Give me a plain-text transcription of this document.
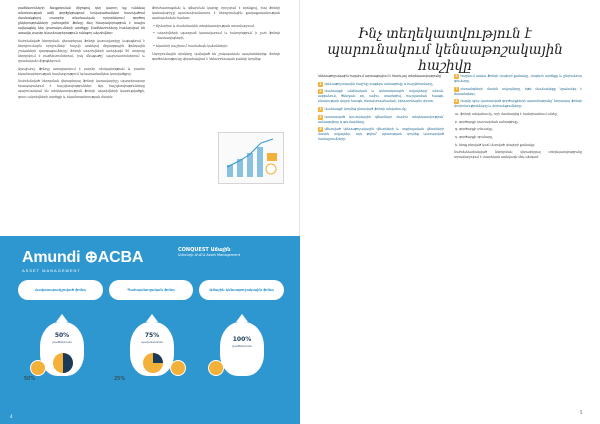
բաժնետոմսերի ձեռքբերման միջոցով դեր կարող եք ունենալ տնտեսության աճի գործընթացում։ Երկարաժամկետ հատվածում մասնակցելով տարբեր տնտեսական ոլորտներում գործող ընկերությունների շահույթին՝ ֆոնդը ձեզ հնարավորություն է տալիս ավելացնել ձեր կուտակումների արժեքը։ Բաժնետոմսերը համարվում են առավել բարձր եկամտաբերություն ունեցող ակտիվներ։

Սահմանված ներդրման վերաբերյալ ֆոնդի կառավարիչը կայացնում է ներդրումային որոշումներ՝ հաշվի առնելով միջազգային ֆոնդային շուկաների զարգացումները։ Ֆոնդի ակտիվների առնվազն 50 տոկոսը ներդրվում է բաժնետոմսերում, իսկ մնացածը՝ պարտատոմսերում և դրամական միջոցներում։

Այսպիսով, ֆոնդը առաջարկում է բարձր ռիսկայնության և բարձր եկամտաբերության համադրություն՝ երկարաժամկետ կտրվածքով։

Սահմանված ներդրման վերաբերյալ ֆոնդի կառավարիչը պարբերաբար հրապարակում է հաշվետվություններ։ Այդ հաշվետվությունները պարունակում են տեղեկատվություն ֆոնդի ակտիվների կառուցվածքի, զուտ ակտիվների արժեքի և եկամտաբերության մասին։

Փոխհատուցման և վճարման կարգը որոշվում է օրենքով, իսկ ֆոնդի կառավարիչը պատասխանատու է ներդրումային քաղաքականության պահպանման համար։

• ճշմարիտ և ժամանակին տեղեկատվության տրամադրում,

• ակտիվների պատշաճ կառավարում և հսկողություն՝ ի շահ ֆոնդի մասնակիցների,

• եկամտի բաշխում՝ համաձայն կանոնների։

Ներդրումային ռիսկերը կախված են շուկայական պայմաններից։ Ֆոնդի գործունեությունը վերահսկվում է Կենտրոնական բանկի կողմից։

Amundi ⊕ACBA
ASSET MANAGEMENT
CONQUEST Աճային
Ամունդի-ԱԿԲԱ Asset Management
Հավասարակշռված ֆոնդ	Պահպանողական ֆոնդ	Աճային կենսաթոշակային ֆոնդ
50%
բաժնետոմս
50%
75%
պարտատոմս
25%
100%
բաժնետոմս
4
Ինչ տեղեկատվություն է պարունակում կենսաթոշակային հաշիվը

Կենսաթոշակային հաշվում արտացոլվում է հետևյալ տեղեկատվությունը՝

1 կենսաթոշակային հաշիվը բացելու ամսաթիվը և հաշվեհամարը,

2 մասնակցի անձնական և կոնտակտային տվյալները՝ անուն, ազգանուն, ծննդյան օր, ամիս, տարեթիվ, հաշվառման հասցե, բնակության վայրի հասցե, հեռախոսահամար, էլեկտրոնային փոստ,

3 մասնակցի կողմից ընտրված ֆոնդի անվանումը,

4 կատարված կուտակային վճարների մասին տեղեկատվություն՝ ամսաթվերը և գումարները,

5 վճարված կենսաթոշակային վճարների և սոցիալական վճարների մասին տվյալներ, այդ թվում՝ պետության կողմից կատարված համալրումները։

6 հաշվում առկա ֆոնդի փայերի քանակը, փայերի արժեքը և ընդհանուր գումարը,

7 ժառանգների մասին տվյալները, եթե մասնակիցը նշանակել է ժառանգներ,

8 հաշվի վրա կատարված գործարքների պատմությունը՝ ներառյալ ֆոնդի փոփոխությունները և փոխանցումները։

ա. ֆոնդի անվանումը, որի մասնակից է հանդիսանում անձը,

բ. գործարքի կատարման ամսաթիվը,

գ. գործարքի տեսակը,

դ. գործարքի գումարը,

ե. ձեռք բերված կամ մարված փայերի քանակը։

Սահմանափակված ներդրման վերաբերյալ տեղեկատվությունը տրամադրվում է տարեկան առնվազն մեկ անգամ։

5
